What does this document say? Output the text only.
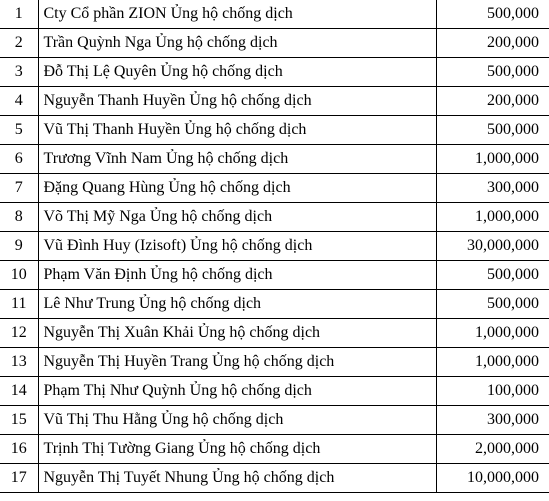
1	Cty Cổ phần ZION Ủng hộ chống dịch	500,000
2	Trần Quỳnh Nga Ủng hộ chống dịch	200,000
3	Đỗ Thị Lệ Quyên Ủng hộ chống dịch	500,000
4	Nguyễn Thanh Huyền Ủng hộ chống dịch	200,000
5	Vũ Thị Thanh Huyền Ủng hộ chống dịch	500,000
6	Trương Vĩnh Nam Ủng hộ chống dịch	1,000,000
7	Đặng Quang Hùng Ủng hộ chống dịch	300,000
8	Võ Thị Mỹ Nga Ủng hộ chống dịch	1,000,000
9	Vũ Đình Huy (Izisoft) Ủng hộ chống dịch	30,000,000
10	Phạm Văn Định Ủng hộ chống dịch	500,000
11	Lê Như Trung Ủng hộ chống dịch	500,000
12	Nguyễn Thị Xuân Khải Ủng hộ chống dịch	1,000,000
13	Nguyễn Thị Huyền Trang Ủng hộ chống dịch	1,000,000
14	Phạm Thị Như Quỳnh Ủng hộ chống dịch	100,000
15	Vũ Thị Thu Hằng Ủng hộ chống dịch	300,000
16	Trịnh Thị Tường Giang Ủng hộ chống dịch	2,000,000
17	Nguyễn Thị Tuyết Nhung Ủng hộ chống dịch	10,000,000
